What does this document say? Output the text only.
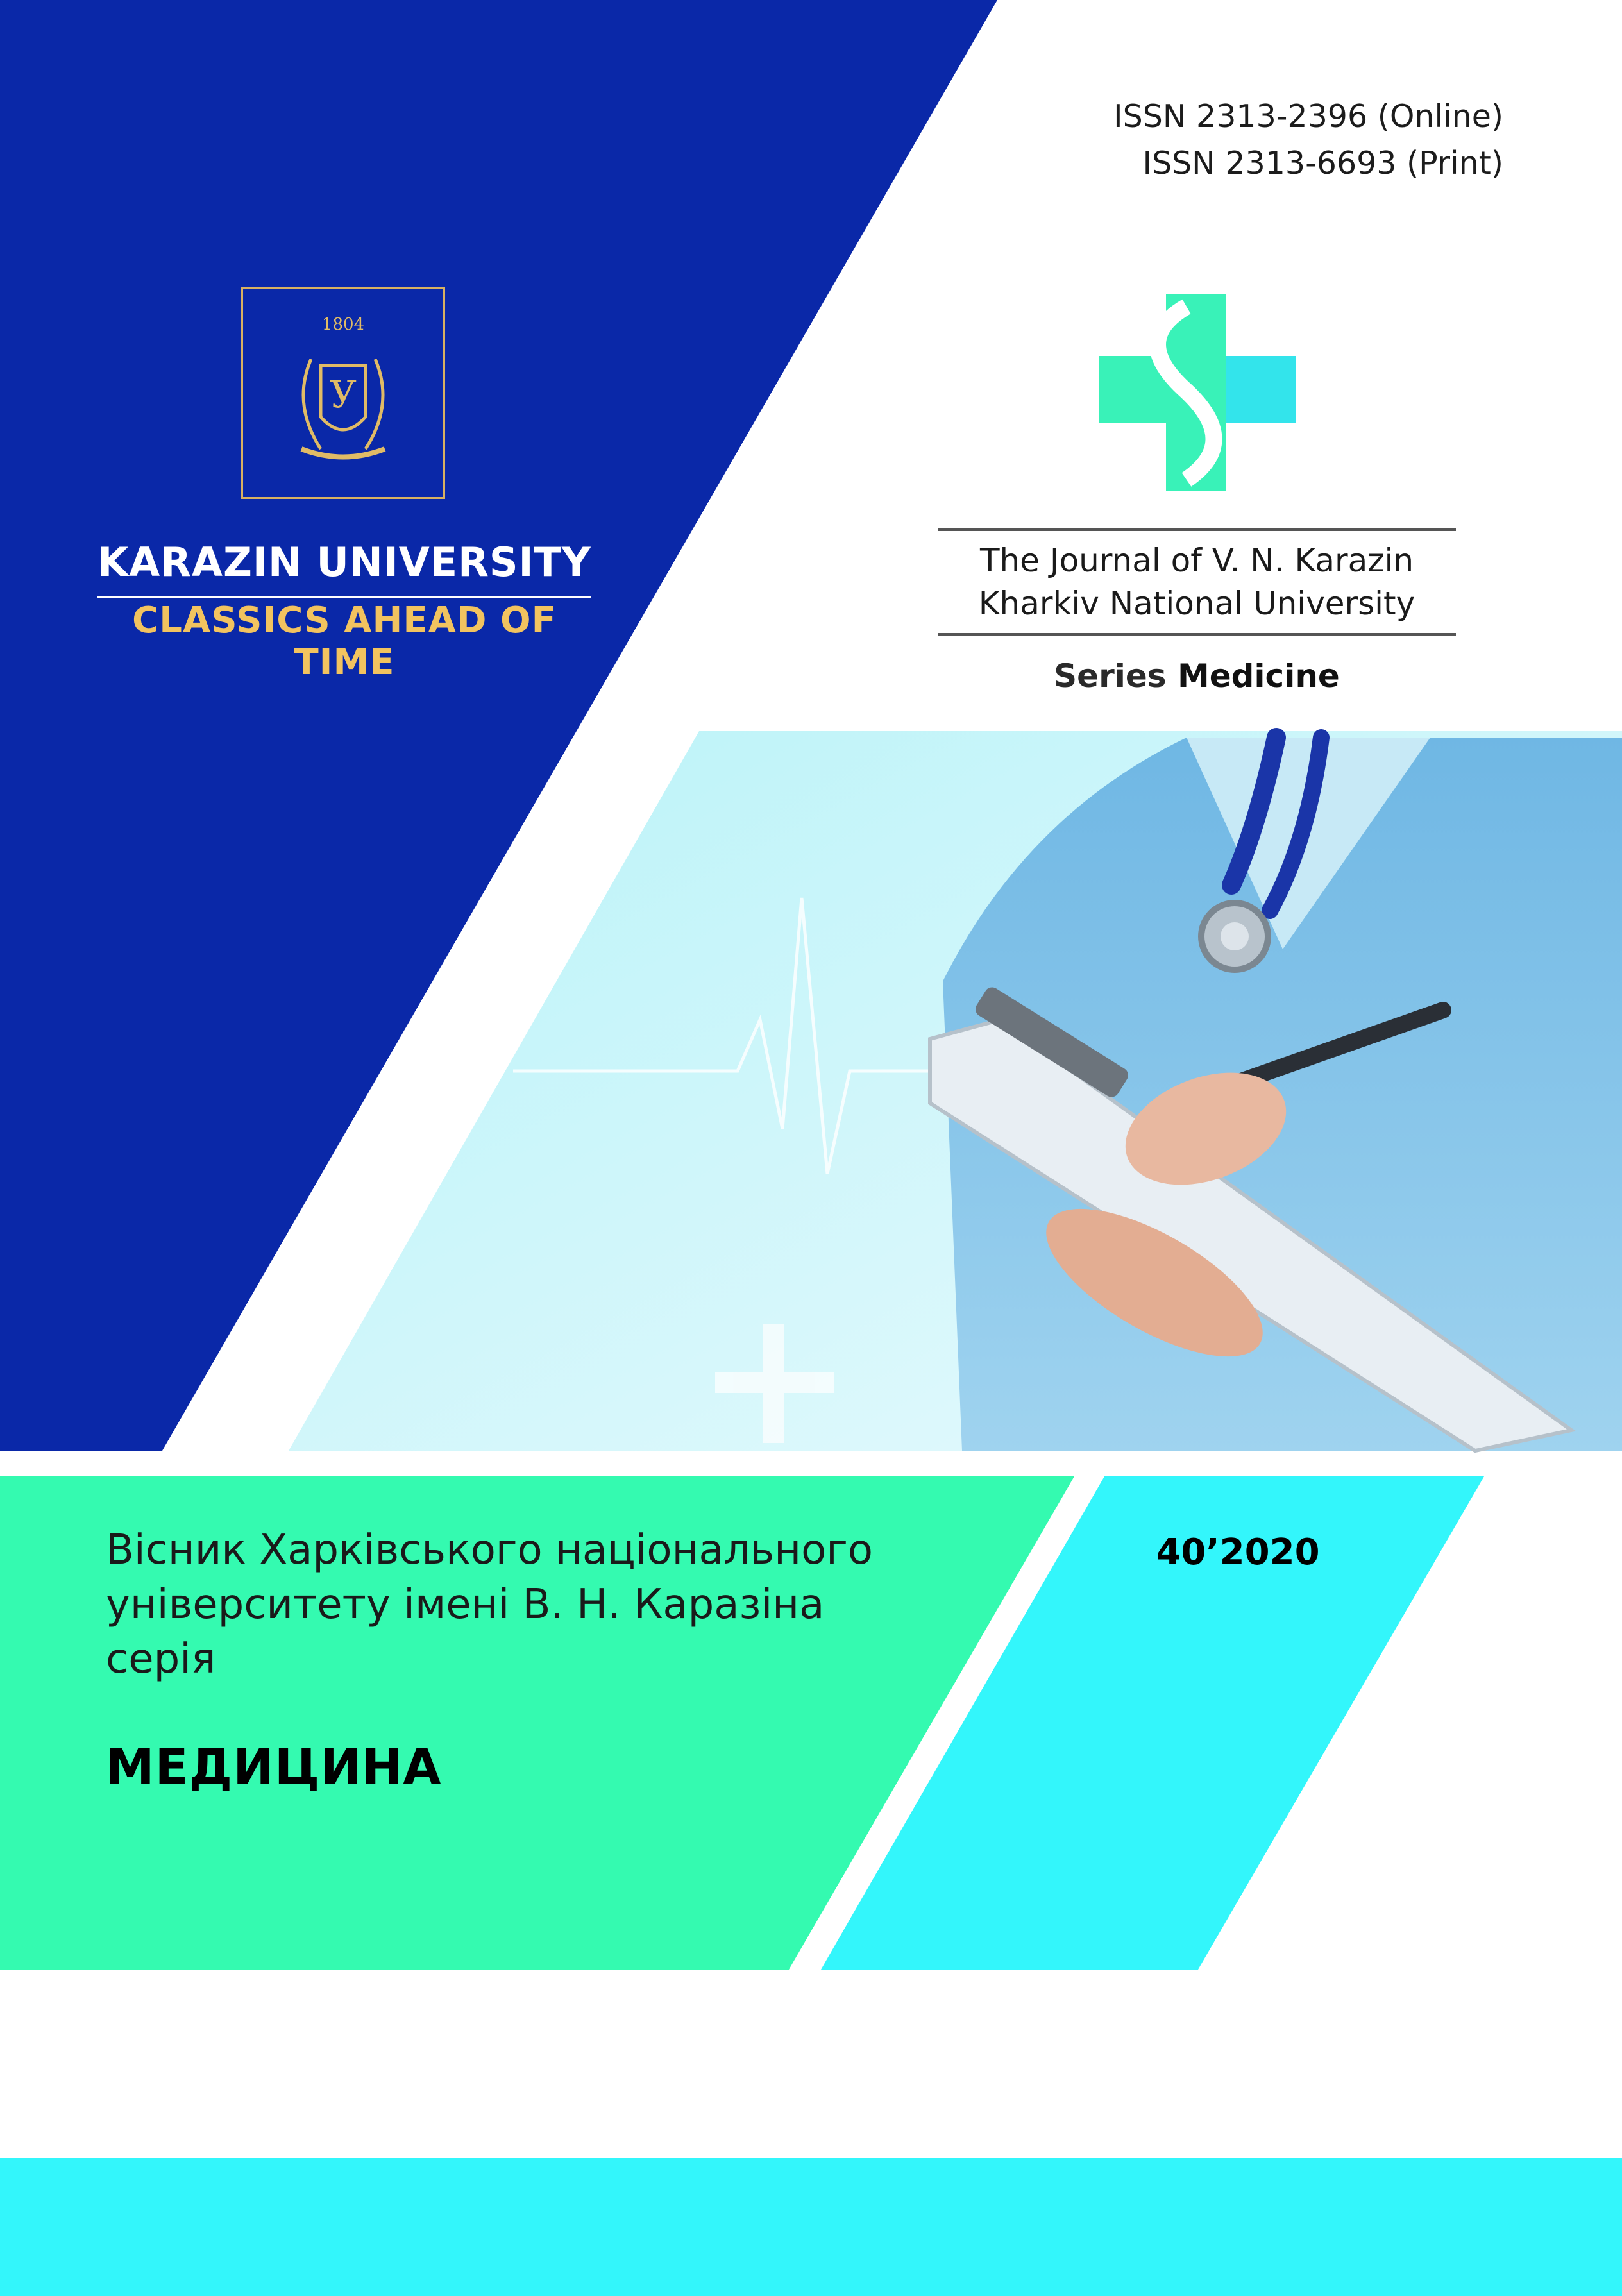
ISSN 2313-2396 (Online)
ISSN 2313-6693 (Print)
1804
У
KARAZIN UNIVERSITY
CLASSICS AHEAD OF TIME
The Journal of V. N. Karazin
Kharkiv National University
Series Medicine
Вісник Харківського національного
університету імені В. Н. Каразіна
серія
МЕДИЦИНА
40’2020
